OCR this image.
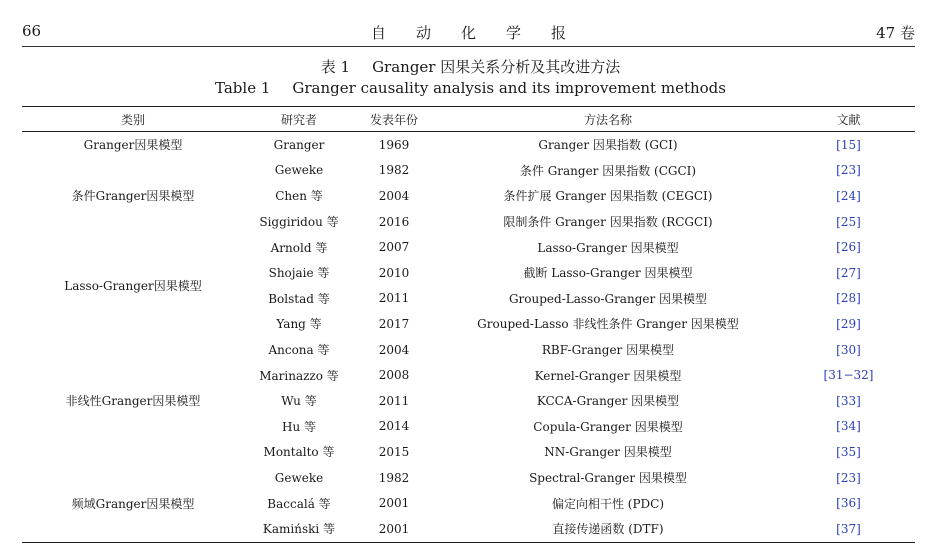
66	自动化学报	47 卷
表 1 Granger 因果关系分析及其改进方法
Table 1 Granger causality analysis and its improvement methods
类别	研究者	发表年份	方法名称	文献
Granger因果模型	Granger	1969	Granger 因果指数 (GCI)	[15]
条件Granger因果模型	Geweke	1982	条件 Granger 因果指数 (CGCI)	[23]
	Chen 等	2004	条件扩展 Granger 因果指数 (CEGCI)	[24]
	Siggiridou 等	2016	限制条件 Granger 因果指数 (RCGCI)	[25]
Lasso-Granger因果模型	Arnold 等	2007	Lasso-Granger 因果模型	[26]
	Shojaie 等	2010	截断 Lasso-Granger 因果模型	[27]
	Bolstad 等	2011	Grouped-Lasso-Granger 因果模型	[28]
	Yang 等	2017	Grouped-Lasso 非线性条件 Granger 因果模型	[29]
非线性Granger因果模型	Ancona 等	2004	RBF-Granger 因果模型	[30]
	Marinazzo 等	2008	Kernel-Granger 因果模型	[31−32]
	Wu 等	2011	KCCA-Granger 因果模型	[33]
	Hu 等	2014	Copula-Granger 因果模型	[34]
	Montalto 等	2015	NN-Granger 因果模型	[35]
频域Granger因果模型	Geweke	1982	Spectral-Granger 因果模型	[23]
	Baccalá 等	2001	偏定向相干性 (PDC)	[36]
	Kamiński 等	2001	直接传递函数 (DTF)	[37]
